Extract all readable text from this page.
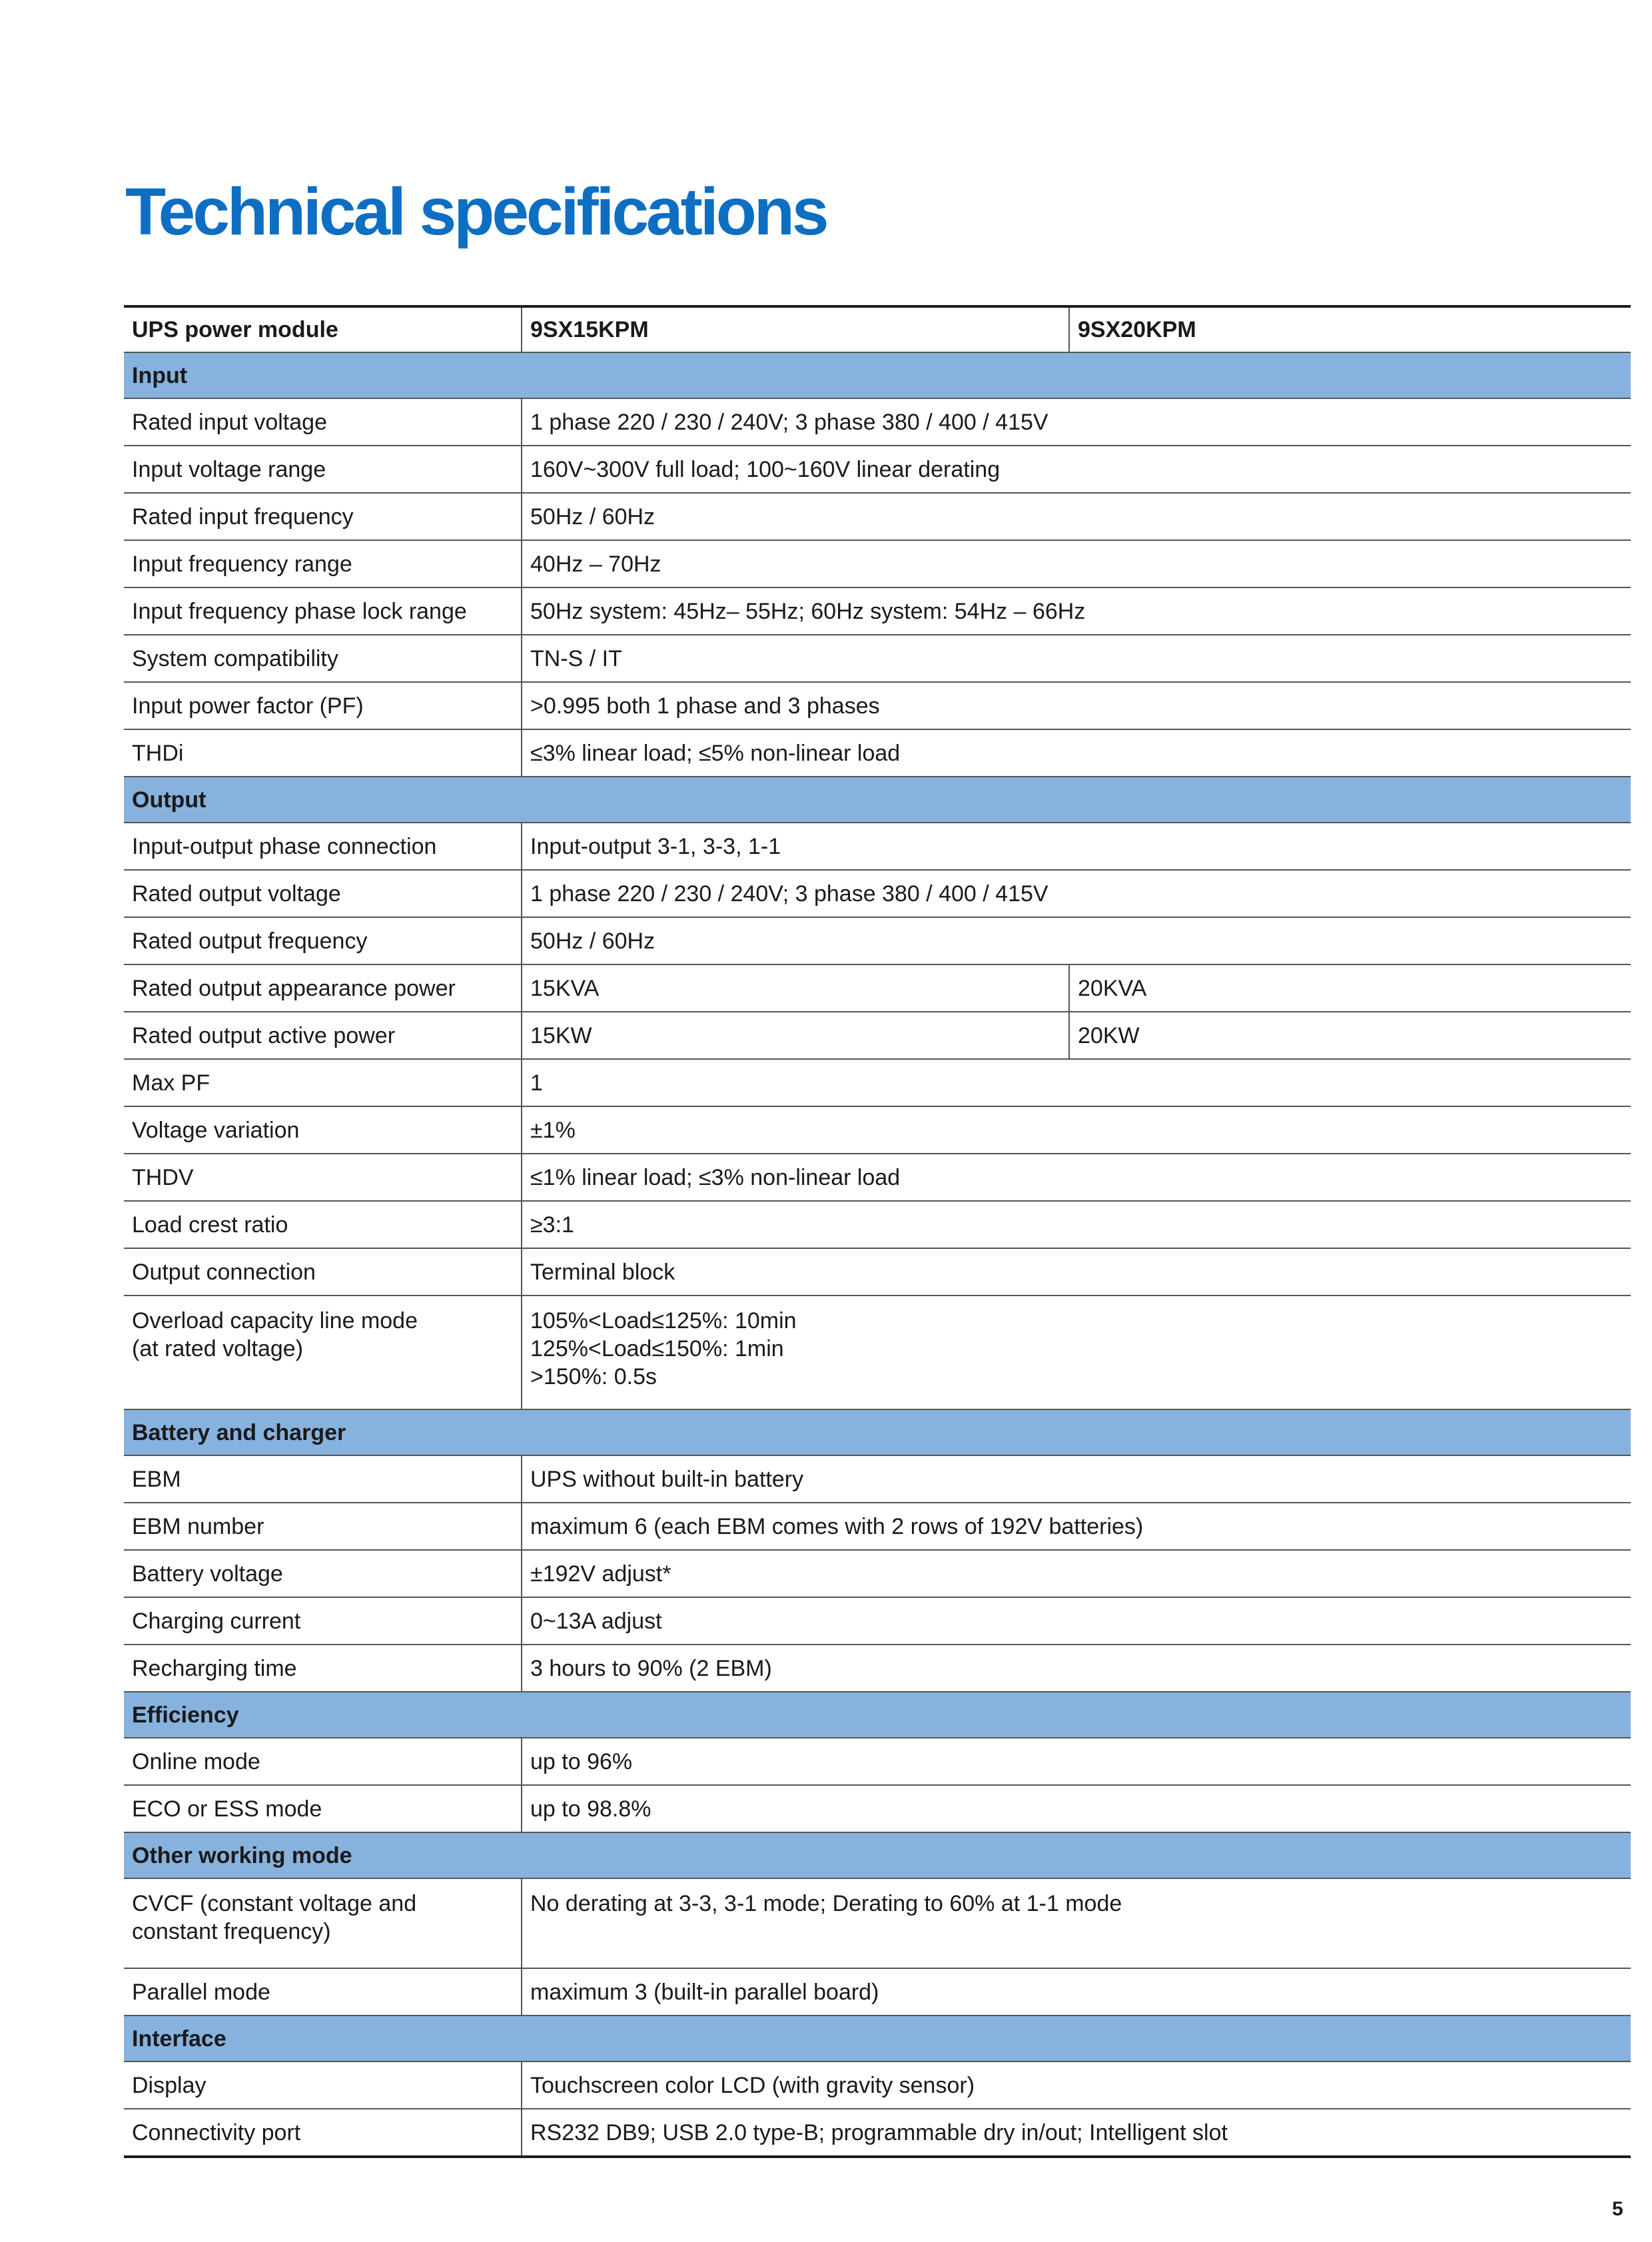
Technical specifications
UPS power module	9SX15KPM	9SX20KPM
Input		
Rated input voltage	1 phase 220 / 230 / 240V; 3 phase 380 / 400 / 415V	
Input voltage range	160V~300V full load; 100~160V linear derating	
Rated input frequency	50Hz / 60Hz	
Input frequency range	40Hz – 70Hz	
Input frequency phase lock range	50Hz system: 45Hz– 55Hz; 60Hz system: 54Hz – 66Hz	
System compatibility	TN-S / IT	
Input power factor (PF)	>0.995 both 1 phase and 3 phases	
THDi	≤3% linear load; ≤5% non-linear load	
Output		
Input-output phase connection	Input-output 3-1, 3-3, 1-1	
Rated output voltage	1 phase 220 / 230 / 240V; 3 phase 380 / 400 / 415V	
Rated output frequency	50Hz / 60Hz	
Rated output appearance power	15KVA	20KVA
Rated output active power	15KW	20KW
Max PF	1	
Voltage variation	±1%	
THDV	≤1% linear load; ≤3% non-linear load	
Load crest ratio	≥3:1	
Output connection	Terminal block	

Overload capacity line mode
(at rated voltage)	105%<Load≤125%: 10min
125%<Load≤150%: 1min
>150%: 0.5s	

Battery and charger		
EBM	UPS without built-in battery	
EBM number	maximum 6 (each EBM comes with 2 rows of 192V batteries)	
Battery voltage	±192V adjust*	
Charging current	0~13A adjust	
Recharging time	3 hours to 90% (2 EBM)	
Efficiency		
Online mode	up to 96%	
ECO or ESS mode	up to 98.8%	
Other working mode		

CVCF (constant voltage and
constant frequency)	No derating at 3-3, 3-1 mode; Derating to 60% at 1-1 mode	
Parallel mode	maximum 3 (built-in parallel board)	
Interface		
Display	Touchscreen color LCD (with gravity sensor)	
Connectivity port	RS232 DB9; USB 2.0 type-B; programmable dry in/out; Intelligent slot	
5
